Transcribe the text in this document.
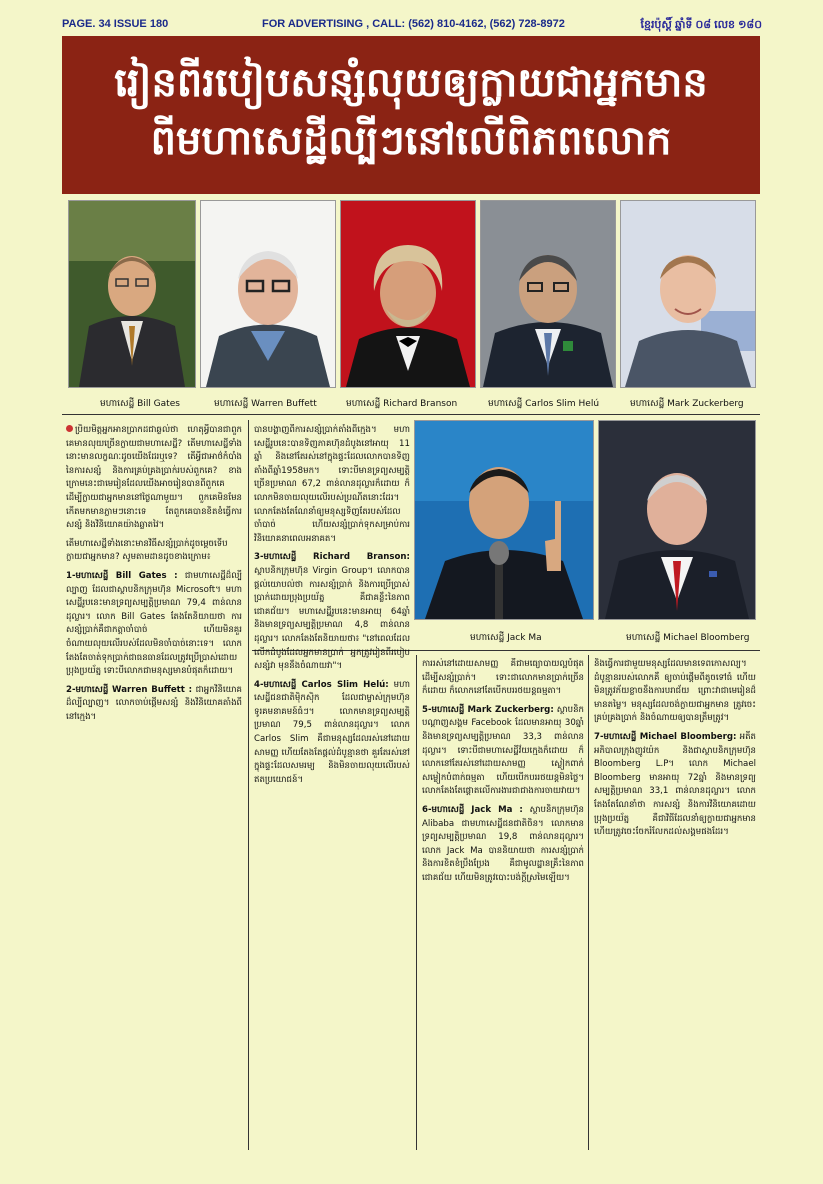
PAGE. 34 ISSUE 180	FOR ADVERTISING , CALL: (562) 810-4162, (562) 728-8972	ខ្មែរប៉ុស្ដិ៍ ឆ្នាំទី ០៨ លេខ ១៨០
រៀនពីរបៀបសន្សំលុយឲ្យក្លាយជាអ្នកមាន
ពីមហាសេដ្ឋីល្បីៗនៅលើពិភពលោក
មហាសេដ្ឋី Bill Gates	មហាសេដ្ឋី Warren Buffett	មហាសេដ្ឋី Richard Branson	មហាសេដ្ឋី Carlos Slim Helú	មហាសេដ្ឋី Mark Zuckerberg
មហាសេដ្ឋី Jack Ma	មហាសេដ្ឋី Michael Bloomberg

ប្រិយមិត្តអ្នកអានប្រាកដជាឆ្ងល់ថា ហេតុអ្វីបានជាពួកគេមានលុយច្រើនក្លាយជាមហាសេដ្ឋី? តើមហាសេដ្ឋីទាំងនោះមានលក្ខណៈដូចយើងដែរឬទេ? តើអ្វីជាអាថ៌កំបាំងនៃការសន្សំ និងការគ្រប់គ្រងប្រាក់របស់ពួកគេ? ខាងក្រោមនេះជាមេរៀនដែលយើងអាចរៀនបានពីពួកគេ ដើម្បីក្លាយជាអ្នកមាននៅថ្ងៃណាមួយ។ ពួកគេមិនមែនកើតមកមានភ្លាមៗនោះទេ តែពួកគេបានខិតខំធ្វើការ សន្សំ និងវិនិយោគយ៉ាងឆ្លាតវៃ។

តើមហាសេដ្ឋីទាំងនោះមានវិធីសន្សំប្រាក់ដូចម្ដេចទើបក្លាយជាអ្នកមាន? សូមតាមដានដូចខាងក្រោម៖

1-មហាសេដ្ឋី Bill Gates : ជាមហាសេដ្ឋីដ៏ល្បីល្បាញ ដែលជាស្ថាបនិកក្រុមហ៊ុន Microsoft។ មហាសេដ្ឋីរូបនេះមានទ្រព្យសម្បត្តិប្រមាណ 79,4 ពាន់លានដុល្លារ។ លោក Bill Gates តែងតែនិយាយថា ការសន្សំប្រាក់គឺជាកត្តាចាំបាច់ ហើយមិនគួរចំណាយលុយលើរបស់ដែលមិនចាំបាច់នោះទេ។ លោកតែងតែចាត់ទុកប្រាក់ជាធនធានដែលត្រូវប្រើប្រាស់ដោយប្រុងប្រយ័ត្ន ទោះបីលោកជាមនុស្សមានបំផុតក៏ដោយ។

2-មហាសេដ្ឋី Warren Buffett : ជាអ្នកវិនិយោគដ៏ល្បីល្បាញ។ លោកចាប់ផ្ដើមសន្សំ និងវិនិយោគតាំងពីនៅក្មេង។

បានបង្ហាញពីការសន្សំប្រាក់តាំងពីក្មេង។ មហាសេដ្ឋីរូបនេះបានទិញភាគហ៊ុនដំបូងនៅអាយុ 11 ឆ្នាំ និងនៅតែរស់នៅក្នុងផ្ទះដែលលោកបានទិញតាំងពីឆ្នាំ1958មក។ ទោះបីមានទ្រព្យសម្បត្តិច្រើនប្រមាណ 67,2 ពាន់លានដុល្លារក៏ដោយ ក៏លោកមិនចាយលុយលើរបស់ប្រណីតនោះដែរ។ លោកតែងតែណែនាំឲ្យមនុស្សទិញតែរបស់ដែលចាំបាច់ ហើយសន្សំប្រាក់ទុកសម្រាប់ការវិនិយោគនាពេលអនាគត។

3-មហាសេដ្ឋី Richard Branson: ស្ថាបនិកក្រុមហ៊ុន Virgin Group។ លោកបានផ្ដល់យោបល់ថា ការសន្សំប្រាក់ និងការប្រើប្រាស់ប្រាក់ដោយប្រុងប្រយ័ត្ន គឺជាគន្លឹះនៃភាពជោគជ័យ។ មហាសេដ្ឋីរូបនេះមានអាយុ 64ឆ្នាំ និងមានទ្រព្យសម្បត្តិប្រមាណ 4,8 ពាន់លានដុល្លារ។ លោកតែងតែនិយាយថា៖ "នៅពេលដែលលើកដំបូងដែលអ្នកមានប្រាក់ អ្នកត្រូវរៀនពីរបៀបសន្សំវា មុននឹងចំណាយវា"។

4-មហាសេដ្ឋី Carlos Slim Helú: មហាសេដ្ឋីជនជាតិម៉ិកស៊ិក ដែលជាម្ចាស់ក្រុមហ៊ុនទូរគមនាគមន៍ធំៗ។ លោកមានទ្រព្យសម្បត្តិប្រមាណ 79,5 ពាន់លានដុល្លារ។ លោក Carlos Slim គឺជាមនុស្សដែលរស់នៅដោយសាមញ្ញ ហើយតែងតែផ្ដល់ដំបូន្មានថា គួរតែរស់នៅក្នុងផ្ទះដែលសមរម្យ និងមិនចាយលុយលើរបស់ឥតប្រយោជន៍។

ការរស់នៅដោយសាមញ្ញ គឺជាមធ្យោបាយល្អបំផុតដើម្បីសន្សំប្រាក់។ ទោះជាលោកមានប្រាក់ច្រើនក៏ដោយ ក៏លោកនៅតែបើកបររថយន្តធម្មតា។

5-មហាសេដ្ឋី Mark Zuckerberg: ស្ថាបនិកបណ្ដាញសង្គម Facebook ដែលមានអាយុ 30ឆ្នាំ និងមានទ្រព្យសម្បត្តិប្រមាណ 33,3 ពាន់លានដុល្លារ។ ទោះបីជាមហាសេដ្ឋីវ័យក្មេងក៏ដោយ ក៏លោកនៅតែរស់នៅដោយសាមញ្ញ ស្លៀកពាក់សម្លៀកបំពាក់ធម្មតា ហើយបើកបររថយន្តមិនថ្លៃ។ លោកតែងតែផ្ដោតលើការងារជាជាងការចាយវាយ។

6-មហាសេដ្ឋី Jack Ma : ស្ថាបនិកក្រុមហ៊ុន Alibaba ជាមហាសេដ្ឋីជនជាតិចិន។ លោកមានទ្រព្យសម្បត្តិប្រមាណ 19,8 ពាន់លានដុល្លារ។ លោក Jack Ma បាននិយាយថា ការសន្សំប្រាក់ និងការខិតខំប្រឹងប្រែង គឺជាមូលដ្ឋានគ្រឹះនៃភាពជោគជ័យ ហើយមិនត្រូវបោះបង់ក្ដីស្រមៃឡើយ។

និងធ្វើការជាមួយមនុស្សដែលមានទេពកោសល្យ។ ដំបូន្មានរបស់លោកគឺ ឲ្យចាប់ផ្ដើមពីតូចទៅធំ ហើយមិនត្រូវភ័យខ្លាចនឹងការបរាជ័យ ព្រោះវាជាមេរៀនដ៏មានតម្លៃ។ មនុស្សដែលចង់ក្លាយជាអ្នកមាន ត្រូវចេះគ្រប់គ្រងប្រាក់ និងចំណាយឲ្យបានត្រឹមត្រូវ។

7-មហាសេដ្ឋី Michael Bloomberg: អតីតអភិបាលក្រុងញូវយ៉ក និងជាស្ថាបនិកក្រុមហ៊ុន Bloomberg L.P។ លោក Michael Bloomberg មានអាយុ 72ឆ្នាំ និងមានទ្រព្យសម្បត្តិប្រមាណ 33,1 ពាន់លានដុល្លារ។ លោកតែងតែណែនាំថា ការសន្សំ និងការវិនិយោគដោយប្រុងប្រយ័ត្ន គឺជាវិធីដែលនាំឲ្យក្លាយជាអ្នកមាន ហើយត្រូវចេះចែករំលែកដល់សង្គមផងដែរ។
